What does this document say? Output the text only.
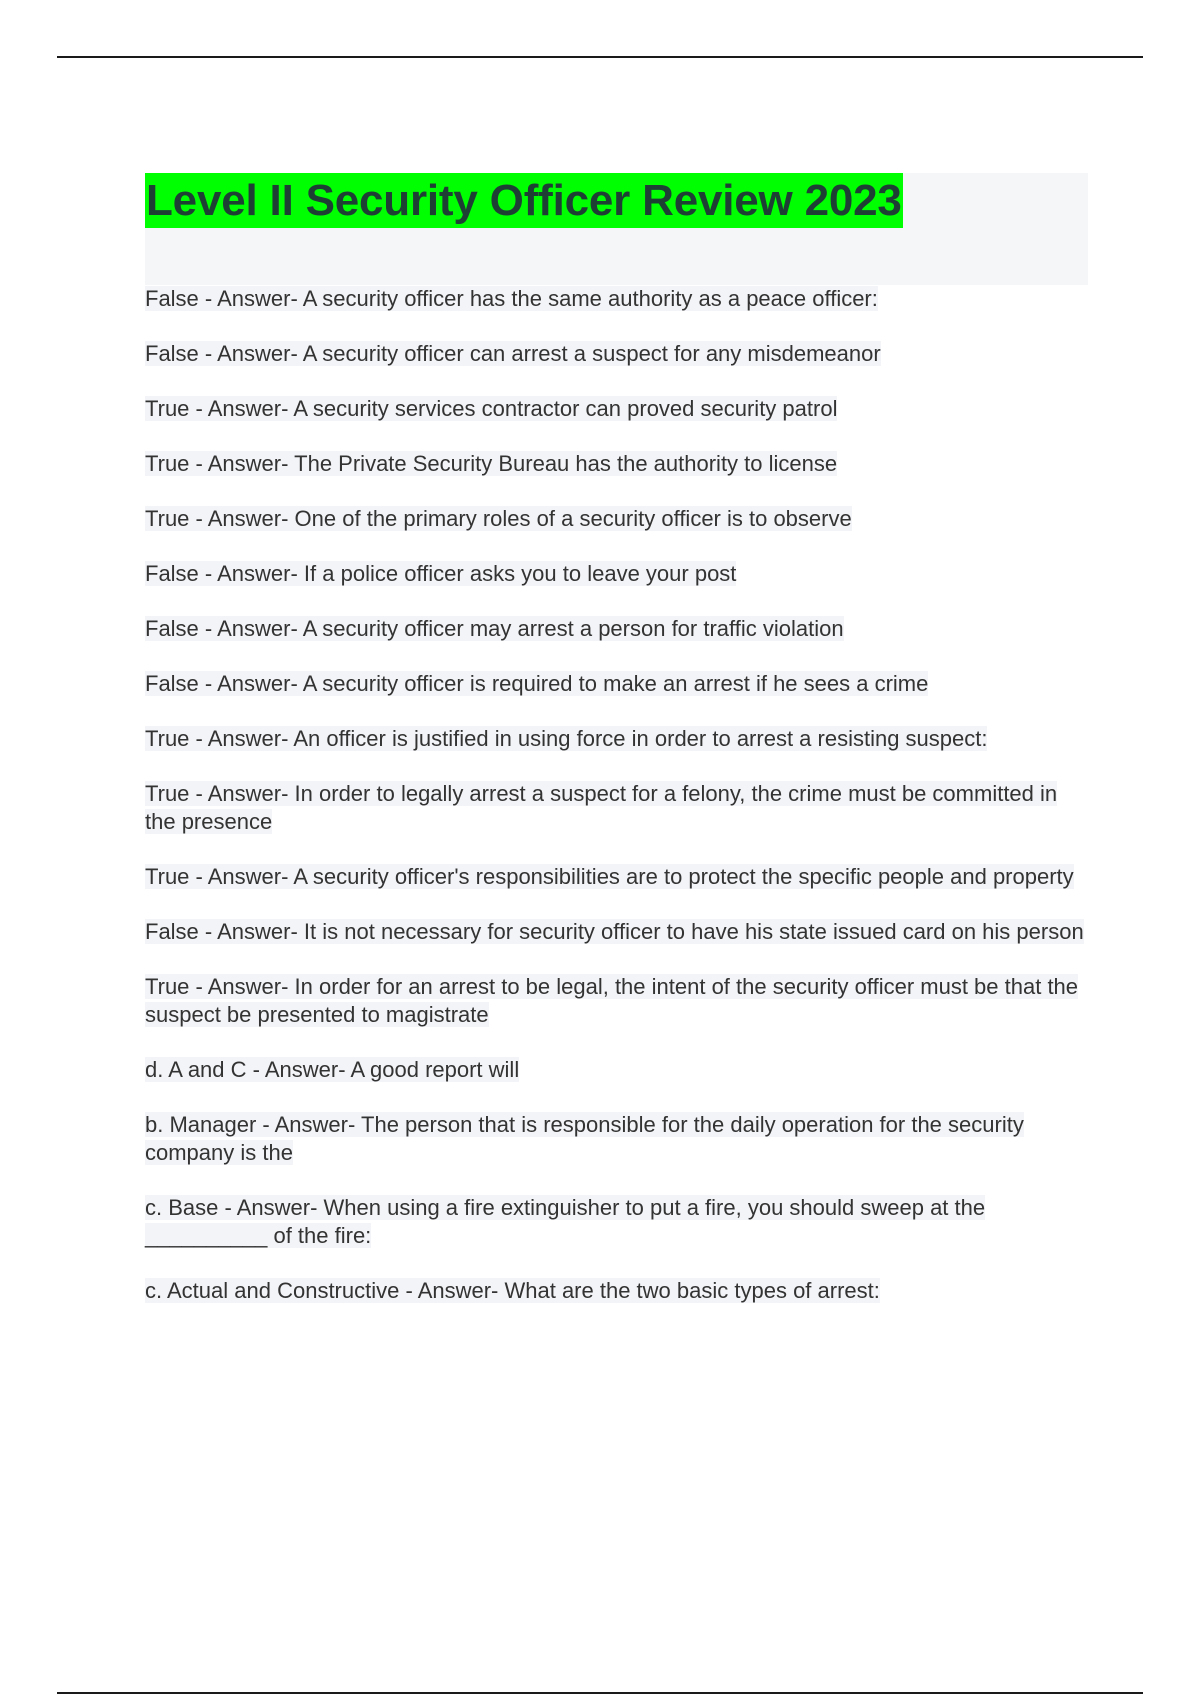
Level II Security Officer Review 2023
False - Answer- A security officer has the same authority as a peace officer:
False - Answer- A security officer can arrest a suspect for any misdemeanor
True - Answer- A security services contractor can proved security patrol
True - Answer- The Private Security Bureau has the authority to license
True - Answer- One of the primary roles of a security officer is to observe
False - Answer- If a police officer asks you to leave your post
False - Answer- A security officer may arrest a person for traffic violation
False - Answer- A security officer is required to make an arrest if he sees a crime
True - Answer- An officer is justified in using force in order to arrest a resisting suspect:
True - Answer- In order to legally arrest a suspect for a felony, the crime must be committed in the presence
True - Answer- A security officer's responsibilities are to protect the specific people and property
False - Answer- It is not necessary for security officer to have his state issued card on his person
True - Answer- In order for an arrest to be legal, the intent of the security officer must be that the suspect be presented to magistrate
d. A and C - Answer- A good report will
b. Manager - Answer- The person that is responsible for the daily operation for the security company is the
c. Base - Answer- When using a fire extinguisher to put a fire, you should sweep at the __________ of the fire:
c. Actual and Constructive - Answer- What are the two basic types of arrest:
